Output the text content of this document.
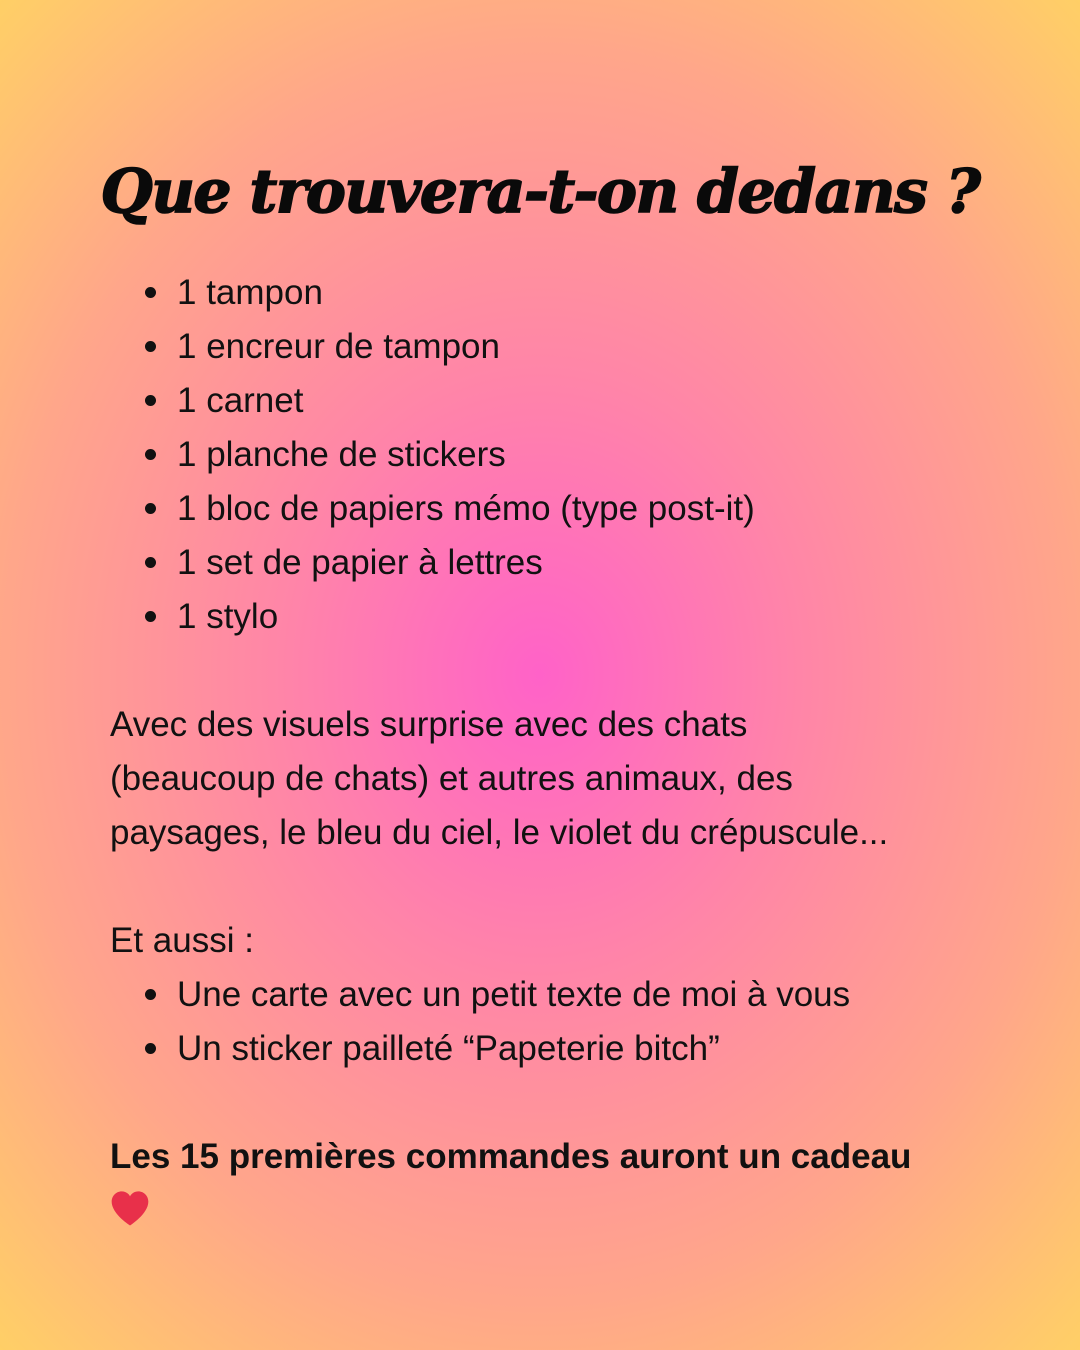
Que trouvera-t-on dedans ?
1 tampon
1 encreur de tampon
1 carnet
1 planche de stickers
1 bloc de papiers mémo (type post-it)
1 set de papier à lettres
1 stylo

Avec des visuels surprise avec des chats

(beaucoup de chats) et autres animaux, des

paysages, le bleu du ciel, le violet du crépuscule...

Et aussi :

Une carte avec un petit texte de moi à vous
Un sticker pailleté “Papeterie bitch”

Les 15 premières commandes auront un cadeau
